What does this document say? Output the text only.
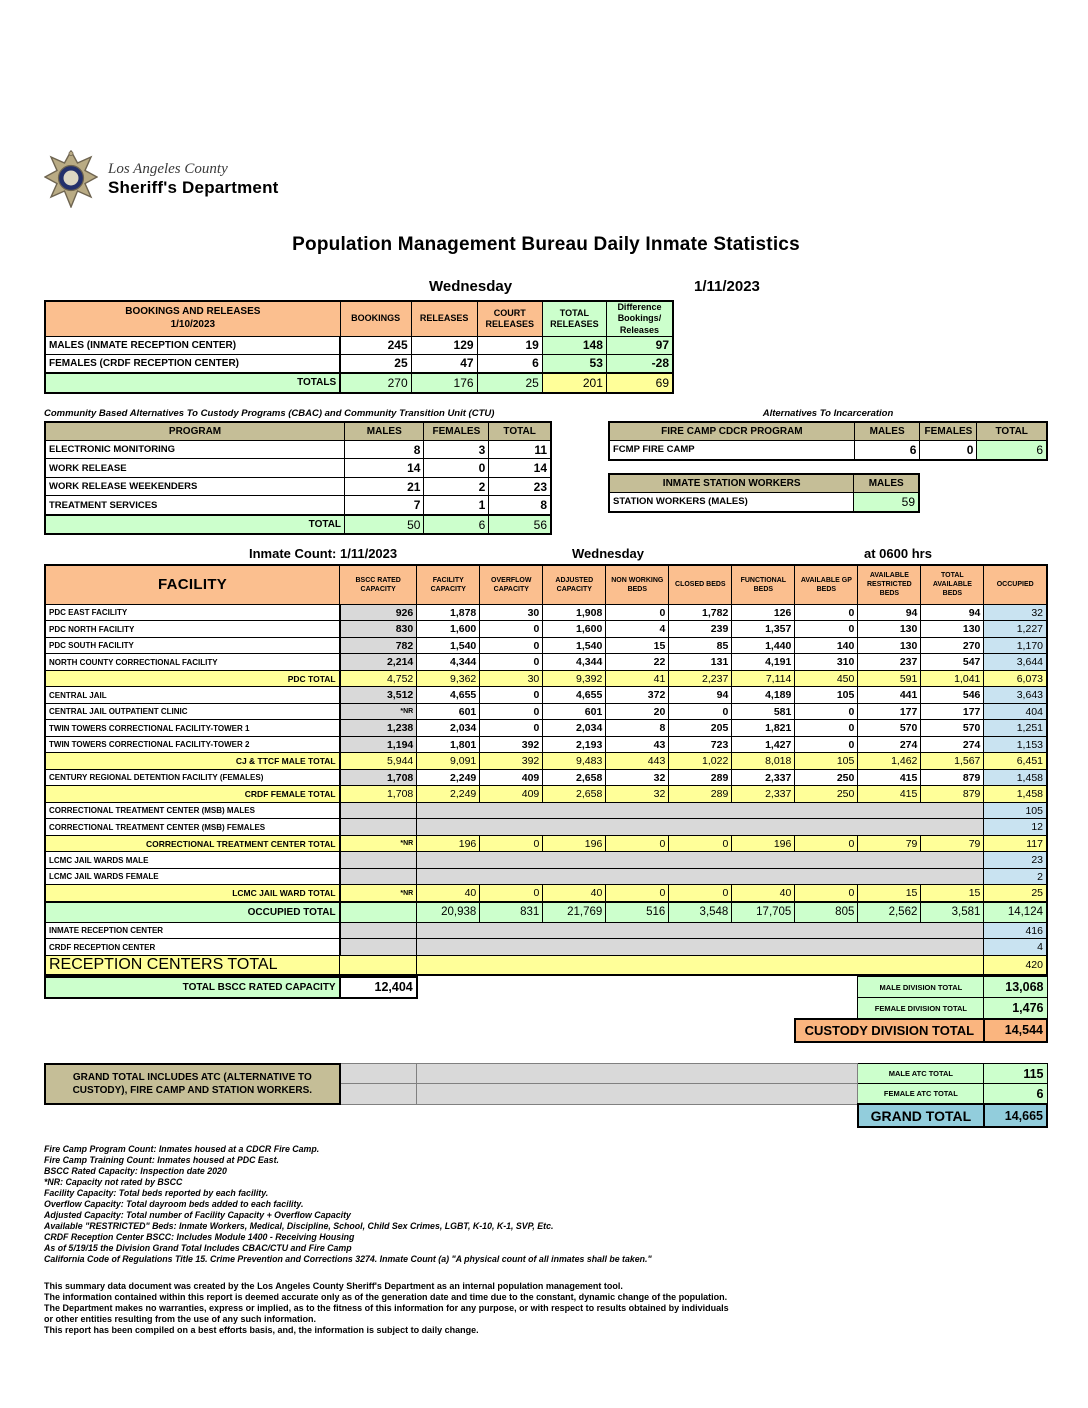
Los Angeles County
Sheriff's Department
Population Management Bureau Daily Inmate Statistics
Wednesday	1/11/2023
BOOKINGS AND RELEASES
1/10/2023	BOOKINGS	RELEASES	COURT RELEASES	TOTAL RELEASES	Difference Bookings/ Releases
MALES (INMATE RECEPTION CENTER)	245	129	19	148	97
FEMALES (CRDF RECEPTION CENTER)	25	47	6	53	-28
TOTALS	270	176	25	201	69
Community Based Alternatives To Custody Programs (CBAC) and Community Transition Unit (CTU)
PROGRAM	MALES	FEMALES	TOTAL
ELECTRONIC MONITORING	8	3	11
WORK RELEASE	14	0	14
WORK RELEASE WEEKENDERS	21	2	23
TREATMENT SERVICES	7	1	8
TOTAL	50	6	56
Alternatives To Incarceration
FIRE CAMP CDCR PROGRAM	MALES	FEMALES	TOTAL
FCMP FIRE CAMP	6	0	6
INMATE STATION WORKERS	MALES
STATION WORKERS (MALES)	59
Inmate Count: 1/11/2023	Wednesday	at 0600 hrs
FACILITY	BSCC RATED CAPACITY	FACILITY CAPACITY	OVERFLOW CAPACITY	ADJUSTED CAPACITY	NON WORKING BEDS	CLOSED BEDS	FUNCTIONAL BEDS	AVAILABLE GP BEDS	AVAILABLE RESTRICTED BEDS	TOTAL AVAILABLE BEDS	OCCUPIED
PDC EAST FACILITY	926	1,878	30	1,908	0	1,782	126	0	94	94	32
PDC NORTH FACILITY	830	1,600	0	1,600	4	239	1,357	0	130	130	1,227
PDC SOUTH FACILITY	782	1,540	0	1,540	15	85	1,440	140	130	270	1,170
NORTH COUNTY CORRECTIONAL FACILITY	2,214	4,344	0	4,344	22	131	4,191	310	237	547	3,644
PDC TOTAL	4,752	9,362	30	9,392	41	2,237	7,114	450	591	1,041	6,073
CENTRAL JAIL	3,512	4,655	0	4,655	372	94	4,189	105	441	546	3,643
CENTRAL JAIL OUTPATIENT CLINIC	*NR	601	0	601	20	0	581	0	177	177	404
TWIN TOWERS CORRECTIONAL FACILITY-TOWER 1	1,238	2,034	0	2,034	8	205	1,821	0	570	570	1,251
TWIN TOWERS CORRECTIONAL FACILITY-TOWER 2	1,194	1,801	392	2,193	43	723	1,427	0	274	274	1,153
CJ & TTCF MALE TOTAL	5,944	9,091	392	9,483	443	1,022	8,018	105	1,462	1,567	6,451
CENTURY REGIONAL DETENTION FACILITY (FEMALES)	1,708	2,249	409	2,658	32	289	2,337	250	415	879	1,458
CRDF FEMALE TOTAL	1,708	2,249	409	2,658	32	289	2,337	250	415	879	1,458
CORRECTIONAL TREATMENT CENTER (MSB) MALES											105
CORRECTIONAL TREATMENT CENTER (MSB) FEMALES											12
CORRECTIONAL TREATMENT CENTER TOTAL	*NR	196	0	196	0	0	196	0	79	79	117
LCMC JAIL WARDS MALE											23
LCMC JAIL WARDS FEMALE											2
LCMC JAIL WARD TOTAL	*NR	40	0	40	0	0	40	0	15	15	25
OCCUPIED TOTAL		20,938	831	21,769	516	3,548	17,705	805	2,562	3,581	14,124
INMATE RECEPTION CENTER											416
CRDF RECEPTION CENTER											4
RECEPTION CENTERS TOTAL											420
TOTAL BSCC RATED CAPACITY	12,404			MALE DIVISION TOTAL	13,068
				FEMALE DIVISION TOTAL	1,476
			CUSTODY DIVISION TOTAL		14,544
GRAND TOTAL INCLUDES ATC (ALTERNATIVE TO
CUSTODY), FIRE CAMP AND STATION WORKERS.			MALE ATC TOTAL	115
			FEMALE ATC TOTAL	6
			GRAND TOTAL	14,665
Fire Camp Program Count: Inmates housed at a CDCR Fire Camp.
Fire Camp Training Count: Inmates housed at PDC East.
BSCC Rated Capacity: Inspection date 2020
*NR: Capacity not rated by BSCC
Facility Capacity: Total beds reported by each facility.
Overflow Capacity: Total dayroom beds added to each facility.
Adjusted Capacity: Total number of Facility Capacity + Overflow Capacity
Available "RESTRICTED" Beds: Inmate Workers, Medical, Discipline, School, Child Sex Crimes, LGBT, K-10, K-1, SVP, Etc.
CRDF Reception Center BSCC: Includes Module 1400 - Receiving Housing
As of 5/19/15 the Division Grand Total Includes CBAC/CTU and Fire Camp
California Code of Regulations Title 15. Crime Prevention and Corrections 3274. Inmate Count (a) "A physical count of all inmates shall be taken."
This summary data document was created by the Los Angeles County Sheriff's Department as an internal population management tool.
The information contained within this report is deemed accurate only as of the generation date and time due to the constant, dynamic change of the population.
The Department makes no warranties, express or implied, as to the fitness of this information for any purpose, or with respect to results obtained by individuals
or other entities resulting from the use of any such information.
This report has been compiled on a best efforts basis, and, the information is subject to daily change.
